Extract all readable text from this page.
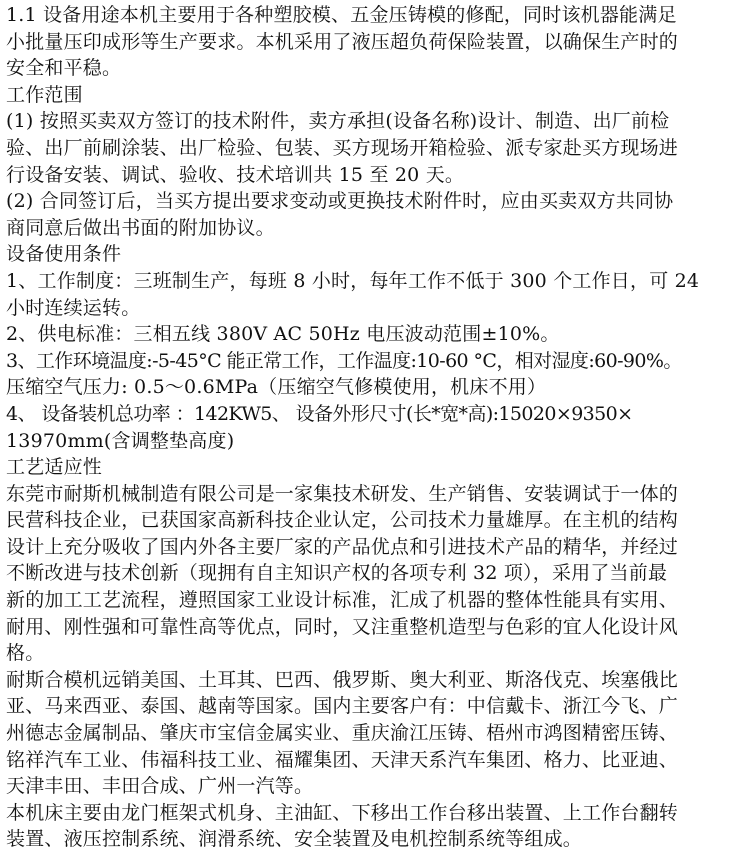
1.1 设备用途本机主要用于各种塑胶模、五金压铸模的修配，同时该机器能满足
小批量压印成形等生产要求。本机采用了液压超负荷保险装置，以确保生产时的
安全和平稳。
工作范围
(1) 按照买卖双方签订的技术附件，卖方承担(设备名称)设计、制造、出厂前检
验、出厂前刷涂装、出厂检验、包装、买方现场开箱检验、派专家赴买方现场进
行设备安装、调试、验收、技术培训共 15 至 20 天。
(2) 合同签订后，当买方提出要求变动或更换技术附件时，应由买卖双方共同协
商同意后做出书面的附加协议。
设备使用条件
1、工作制度：三班制生产，每班 8 小时，每年工作不低于 300 个工作日，可 24
小时连续运转。
2、供电标准：三相五线 380V AC 50Hz 电压波动范围±10%。
3、工作环境温度:-5-45°C 能正常工作，工作温度:10-60 °C，相对湿度:60-90%。
压缩空气压力: 0.5～0.6MPa（压缩空气修模使用，机床不用）
4、 设备装机总功率 ：142KW5、 设备外形尺寸(长*宽*高):15020×9350×
13970mm(含调整垫高度)
工艺适应性
东莞市耐斯机械制造有限公司是一家集技术研发、生产销售、安装调试于一体的
民营科技企业，已获国家高新科技企业认定，公司技术力量雄厚。在主机的结构
设计上充分吸收了国内外各主要厂家的产品优点和引进技术产品的精华，并经过
不断改进与技术创新（现拥有自主知识产权的各项专利 32 项），采用了当前最
新的加工工艺流程，遵照国家工业设计标准，汇成了机器的整体性能具有实用、
耐用、刚性强和可靠性高等优点，同时，又注重整机造型与色彩的宜人化设计风
格。
耐斯合模机远销美国、土耳其、巴西、俄罗斯、奥大利亚、斯洛伐克、埃塞俄比
亚、马来西亚、泰国、越南等国家。国内主要客户有：中信戴卡、浙江今飞、广
州德志金属制品、肇庆市宝信金属实业、重庆渝江压铸、梧州市鸿图精密压铸、
铭祥汽车工业、伟福科技工业、福耀集团、天津天系汽车集团、格力、比亚迪、
天津丰田、丰田合成、广州一汽等。
本机床主要由龙门框架式机身、主油缸、下移出工作台移出装置、上工作台翻转
装置、液压控制系统、润滑系统、安全装置及电机控制系统等组成。
